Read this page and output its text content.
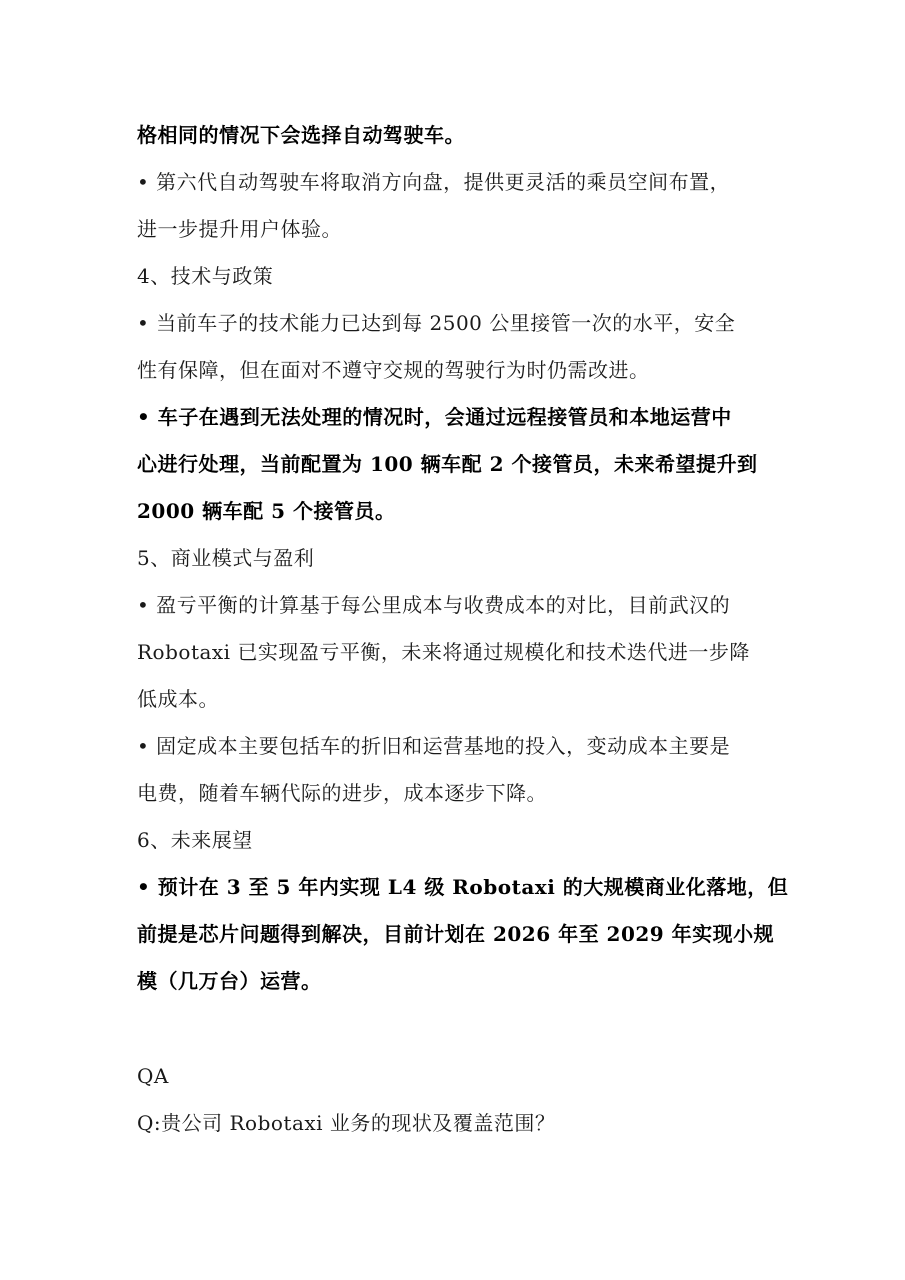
格相同的情况下会选择自动驾驶车。
• 第六代自动驾驶车将取消方向盘，提供更灵活的乘员空间布置，
进一步提升用户体验。
4、技术与政策
• 当前车子的技术能力已达到每 2500 公里接管一次的水平，安全
性有保障，但在面对不遵守交规的驾驶行为时仍需改进。
• 车子在遇到无法处理的情况时，会通过远程接管员和本地运营中
心进行处理，当前配置为 100 辆车配 2 个接管员，未来希望提升到
2000 辆车配 5 个接管员。
5、商业模式与盈利
• 盈亏平衡的计算基于每公里成本与收费成本的对比，目前武汉的
Robotaxi 已实现盈亏平衡，未来将通过规模化和技术迭代进一步降
低成本。
• 固定成本主要包括车的折旧和运营基地的投入，变动成本主要是
电费，随着车辆代际的进步，成本逐步下降。
6、未来展望
• 预计在 3 至 5 年内实现 L4 级 Robotaxi 的大规模商业化落地，但
前提是芯片问题得到解决，目前计划在 2026 年至 2029 年实现小规
模（几万台）运营。
QA
Q:贵公司 Robotaxi 业务的现状及覆盖范围？
